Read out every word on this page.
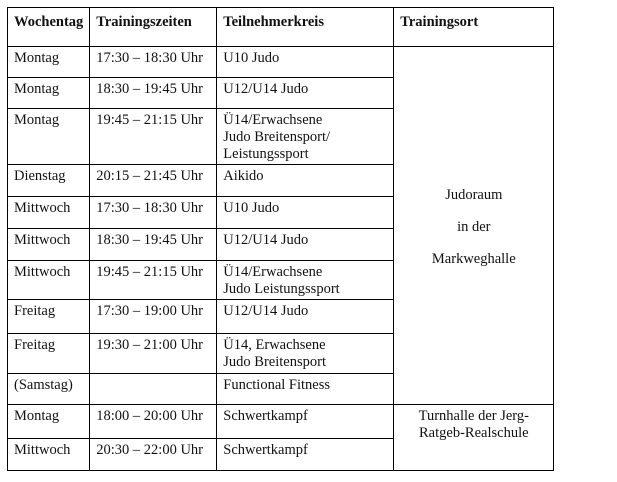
Wochentag	Trainingszeiten	Teilnehmerkreis	Trainingsort
Montag	17:30 – 18:30 Uhr	U10 Judo	Judoraum
in der
Markweghalle

Montag	18:30 – 19:45 Uhr	U12/U14 Judo	

Montag	19:45 – 21:15 Uhr	Ü14/Erwachsene
Judo Breitensport/
Leistungssport	

Dienstag	20:15 – 21:45 Uhr	Aikido	

Mittwoch	17:30 – 18:30 Uhr	U10 Judo	

Mittwoch	18:30 – 19:45 Uhr	U12/U14 Judo	

Mittwoch	19:45 – 21:15 Uhr	Ü14/Erwachsene
Judo Leistungssport	

Freitag	17:30 – 19:00 Uhr	U12/U14 Judo	

Freitag	19:30 – 21:00 Uhr	Ü14, Erwachsene
Judo Breitensport	

(Samstag)		Functional Fitness	

Montag	18:00 – 20:00 Uhr	Schwertkampf	Turnhalle der Jerg-
Ratgeb-Realschule

Mittwoch	20:30 – 22:00 Uhr	Schwertkampf	
